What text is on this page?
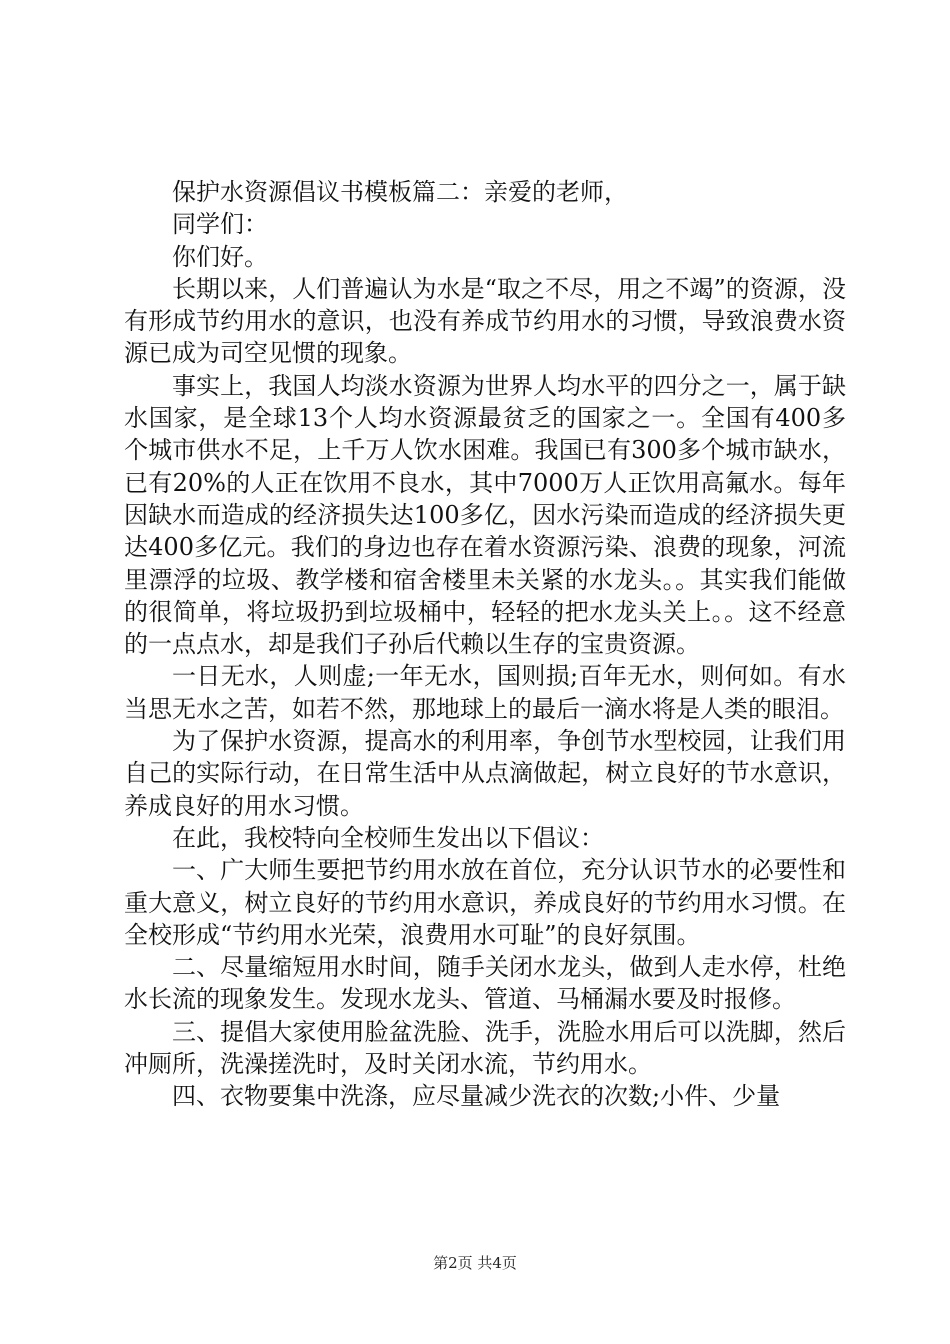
保护水资源倡议书模板篇二：亲爱的老师，

同学们：

你们好。

长期以来，人们普遍认为水是“取之不尽，用之不竭”的资源，没有形成节约用水的意识，也没有养成节约用水的习惯，导致浪费水资源已成为司空见惯的现象。

事实上，我国人均淡水资源为世界人均水平的四分之一，属于缺水国家，是全球13个人均水资源最贫乏的国家之一。全国有400多个城市供水不足，上千万人饮水困难。我国已有300多个城市缺水，已有20%的人正在饮用不良水，其中7000万人正饮用高氟水。每年因缺水而造成的经济损失达100多亿，因水污染而造成的经济损失更达400多亿元。我们的身边也存在着水资源污染、浪费的现象，河流里漂浮的垃圾、教学楼和宿舍楼里未关紧的水龙头。。其实我们能做的很简单，将垃圾扔到垃圾桶中，轻轻的把水龙头关上。。这不经意的一点点水，却是我们子孙后代赖以生存的宝贵资源。

一日无水，人则虚;一年无水，国则损;百年无水，则何如。有水当思无水之苦，如若不然，那地球上的最后一滴水将是人类的眼泪。

为了保护水资源，提高水的利用率，争创节水型校园，让我们用自己的实际行动，在日常生活中从点滴做起，树立良好的节水意识，养成良好的用水习惯。

在此，我校特向全校师生发出以下倡议：

一、广大师生要把节约用水放在首位，充分认识节水的必要性和重大意义，树立良好的节约用水意识，养成良好的节约用水习惯。在全校形成“节约用水光荣，浪费用水可耻”的良好氛围。

二、尽量缩短用水时间，随手关闭水龙头，做到人走水停，杜绝水长流的现象发生。发现水龙头、管道、马桶漏水要及时报修。

三、提倡大家使用脸盆洗脸、洗手，洗脸水用后可以洗脚，然后冲厕所，洗澡搓洗时，及时关闭水流，节约用水。

四、衣物要集中洗涤，应尽量减少洗衣的次数;小件、少量

第2页 共4页
